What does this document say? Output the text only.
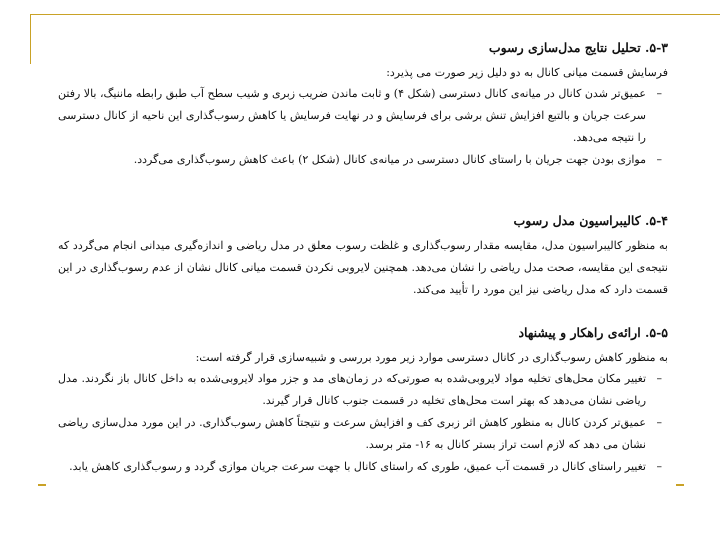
۵-۳. تحلیل نتایج مدل‌سازی رسوب

فرسایش قسمت میانی کانال به دو دلیل زیر صورت می پذیرد:

– عمیق‌تر شدن کانال در میانه‌ی کانال دسترسی (شکل ۴) و ثابت ماندن ضریب زبری و شیب سطح آب طبق رابطه ماننیگ، بالا رفتن سرعت جریان و بالتبع افزایش تنش برشی برای فرسایش و در نهایت فرسایش یا کاهش رسوب‌گذاری این ناحیه از کانال دسترسی را نتیجه می‌دهد.
– موازی بودن جهت جریان با راستای کانال دسترسی در میانه‌ی کانال (شکل ۲) باعث کاهش رسوب‌گذاری می‌گردد.
۵-۴. کالیبراسیون مدل رسوب

به منظور کالیبراسیون مدل، مقایسه مقدار رسوب‌گذاری و غلظت رسوب معلق در مدل ریاضی و اندازه‌گیری میدانی انجام می‌گردد که نتیجه‌ی این مقایسه، صحت مدل ریاضی را نشان می‌دهد. همچنین لایروبی نکردن قسمت میانی کانال نشان از عدم رسوب‌گذاری در این قسمت دارد که مدل ریاضی نیز این مورد را تأیید می‌کند.

۵-۵. ارائه‌ی راهکار و پیشنهاد

به منظور کاهش رسوب‌گذاری در کانال دسترسی موارد زیر مورد بررسی و شبیه‌سازی قرار گرفته است:

– تغییر مکان محل‌های تخلیه مواد لایروبی‌شده به صورتی‌که در زمان‌های مد و جزر مواد لایروبی‌شده به داخل کانال باز نگردند. مدل ریاضی نشان می‌دهد که بهتر است محل‌های تخلیه در قسمت جنوب کانال قرار گیرند.
– عمیق‌تر کردن کانال به منظور کاهش اثر زبری کف و افزایش سرعت و نتیجتاً کاهش رسوب‌گذاری. در این مورد مدل‌سازی ریاضی نشان می دهد که لازم است تراز بستر کانال به ۱۶- متر برسد.
– تغییر راستای کانال در قسمت آب عمیق، طوری که راستای کانال با جهت سرعت جریان موازی گردد و رسوب‌گذاری کاهش یابد.
